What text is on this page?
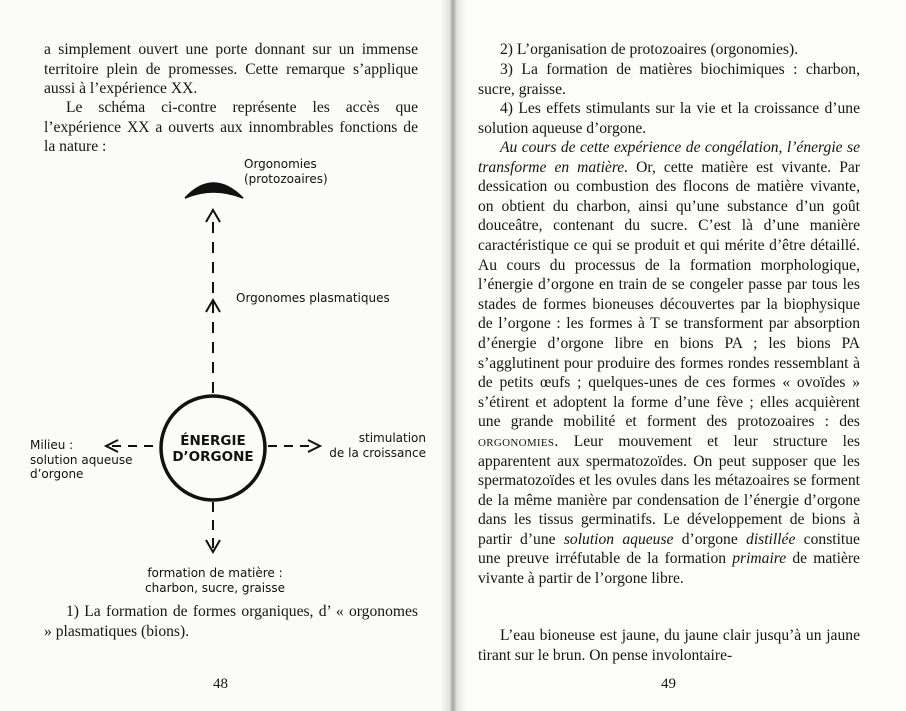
a simplement ouvert une porte donnant sur un immense territoire plein de promesses. Cette remarque s’applique aussi à l’expérience XX.

Le schéma ci-contre représente les accès que l’expérience XX a ouverts aux innombrables fonctions de la nature :

Orgonomies
(protozoaires)
Orgonomes plasmatiques
ÉNERGIE
D’ORGONE
Milieu :
solution aqueuse
d’orgone
stimulation
de la croissance
formation de matière :
charbon, sucre, graisse

1) La formation de formes organiques, d’ « orgonomes » plasmatiques (bions).

48

2) L’organisation de protozoaires (orgonomies).

3) La formation de matières biochimiques : charbon, sucre, graisse.

4) Les effets stimulants sur la vie et la croissance d’une solution aqueuse d’orgone.

Au cours de cette expérience de congélation, l’énergie se transforme en matière. Or, cette matière est vivante. Par dessication ou combustion des flocons de matière vivante, on obtient du charbon, ainsi qu’une substance d’un goût douceâtre, contenant du sucre. C’est là d’une manière caractéristique ce qui se produit et qui mérite d’être détaillé. Au cours du processus de la formation morphologique, l’énergie d’orgone en train de se congeler passe par tous les stades de formes bioneuses découvertes par la biophysique de l’orgone : les formes à T se transforment par absorption d’énergie d’orgone libre en bions PA ; les bions PA s’agglutinent pour produire des formes rondes ressemblant à de petits œufs ; quelques-unes de ces formes « ovoïdes » s’étirent et adoptent la forme d’une fève ; elles acquièrent une grande mobilité et forment des protozoaires : des orgonomies. Leur mouvement et leur structure les apparentent aux spermatozoïdes. On peut supposer que les spermatozoïdes et les ovules dans les métazoaires se forment de la même manière par condensation de l’énergie d’orgone dans les tissus germinatifs. Le développement de bions à partir d’une solution aqueuse d’orgone distillée constitue une preuve irréfutable de la formation primaire de matière vivante à partir de l’orgone libre.

L’eau bioneuse est jaune, du jaune clair jusqu’à un jaune tirant sur le brun. On pense involontaire-

49
